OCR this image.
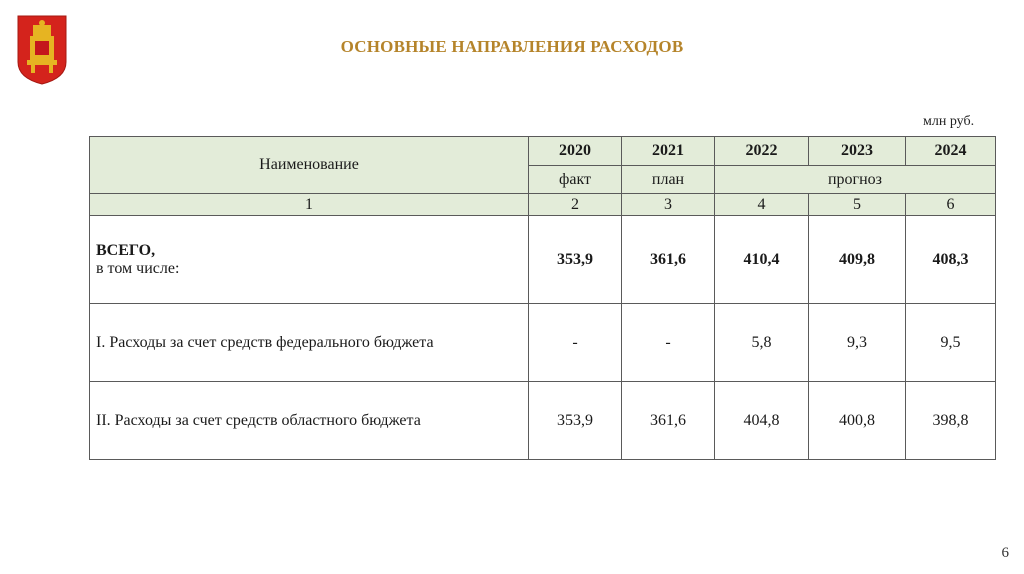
ОСНОВНЫЕ НАПРАВЛЕНИЯ РАСХОДОВ
млн руб.
Наименование	2020	2021	2022	2023	2024
	факт	план	прогноз		
1	2	3	4	5	6

ВСЕГО,
в том числе:	353,9	361,6	410,4	409,8	408,3
I. Расходы за счет средств федерального бюджета	-	-	5,8	9,3	9,5
II. Расходы за счет средств областного бюджета	353,9	361,6	404,8	400,8	398,8
6
